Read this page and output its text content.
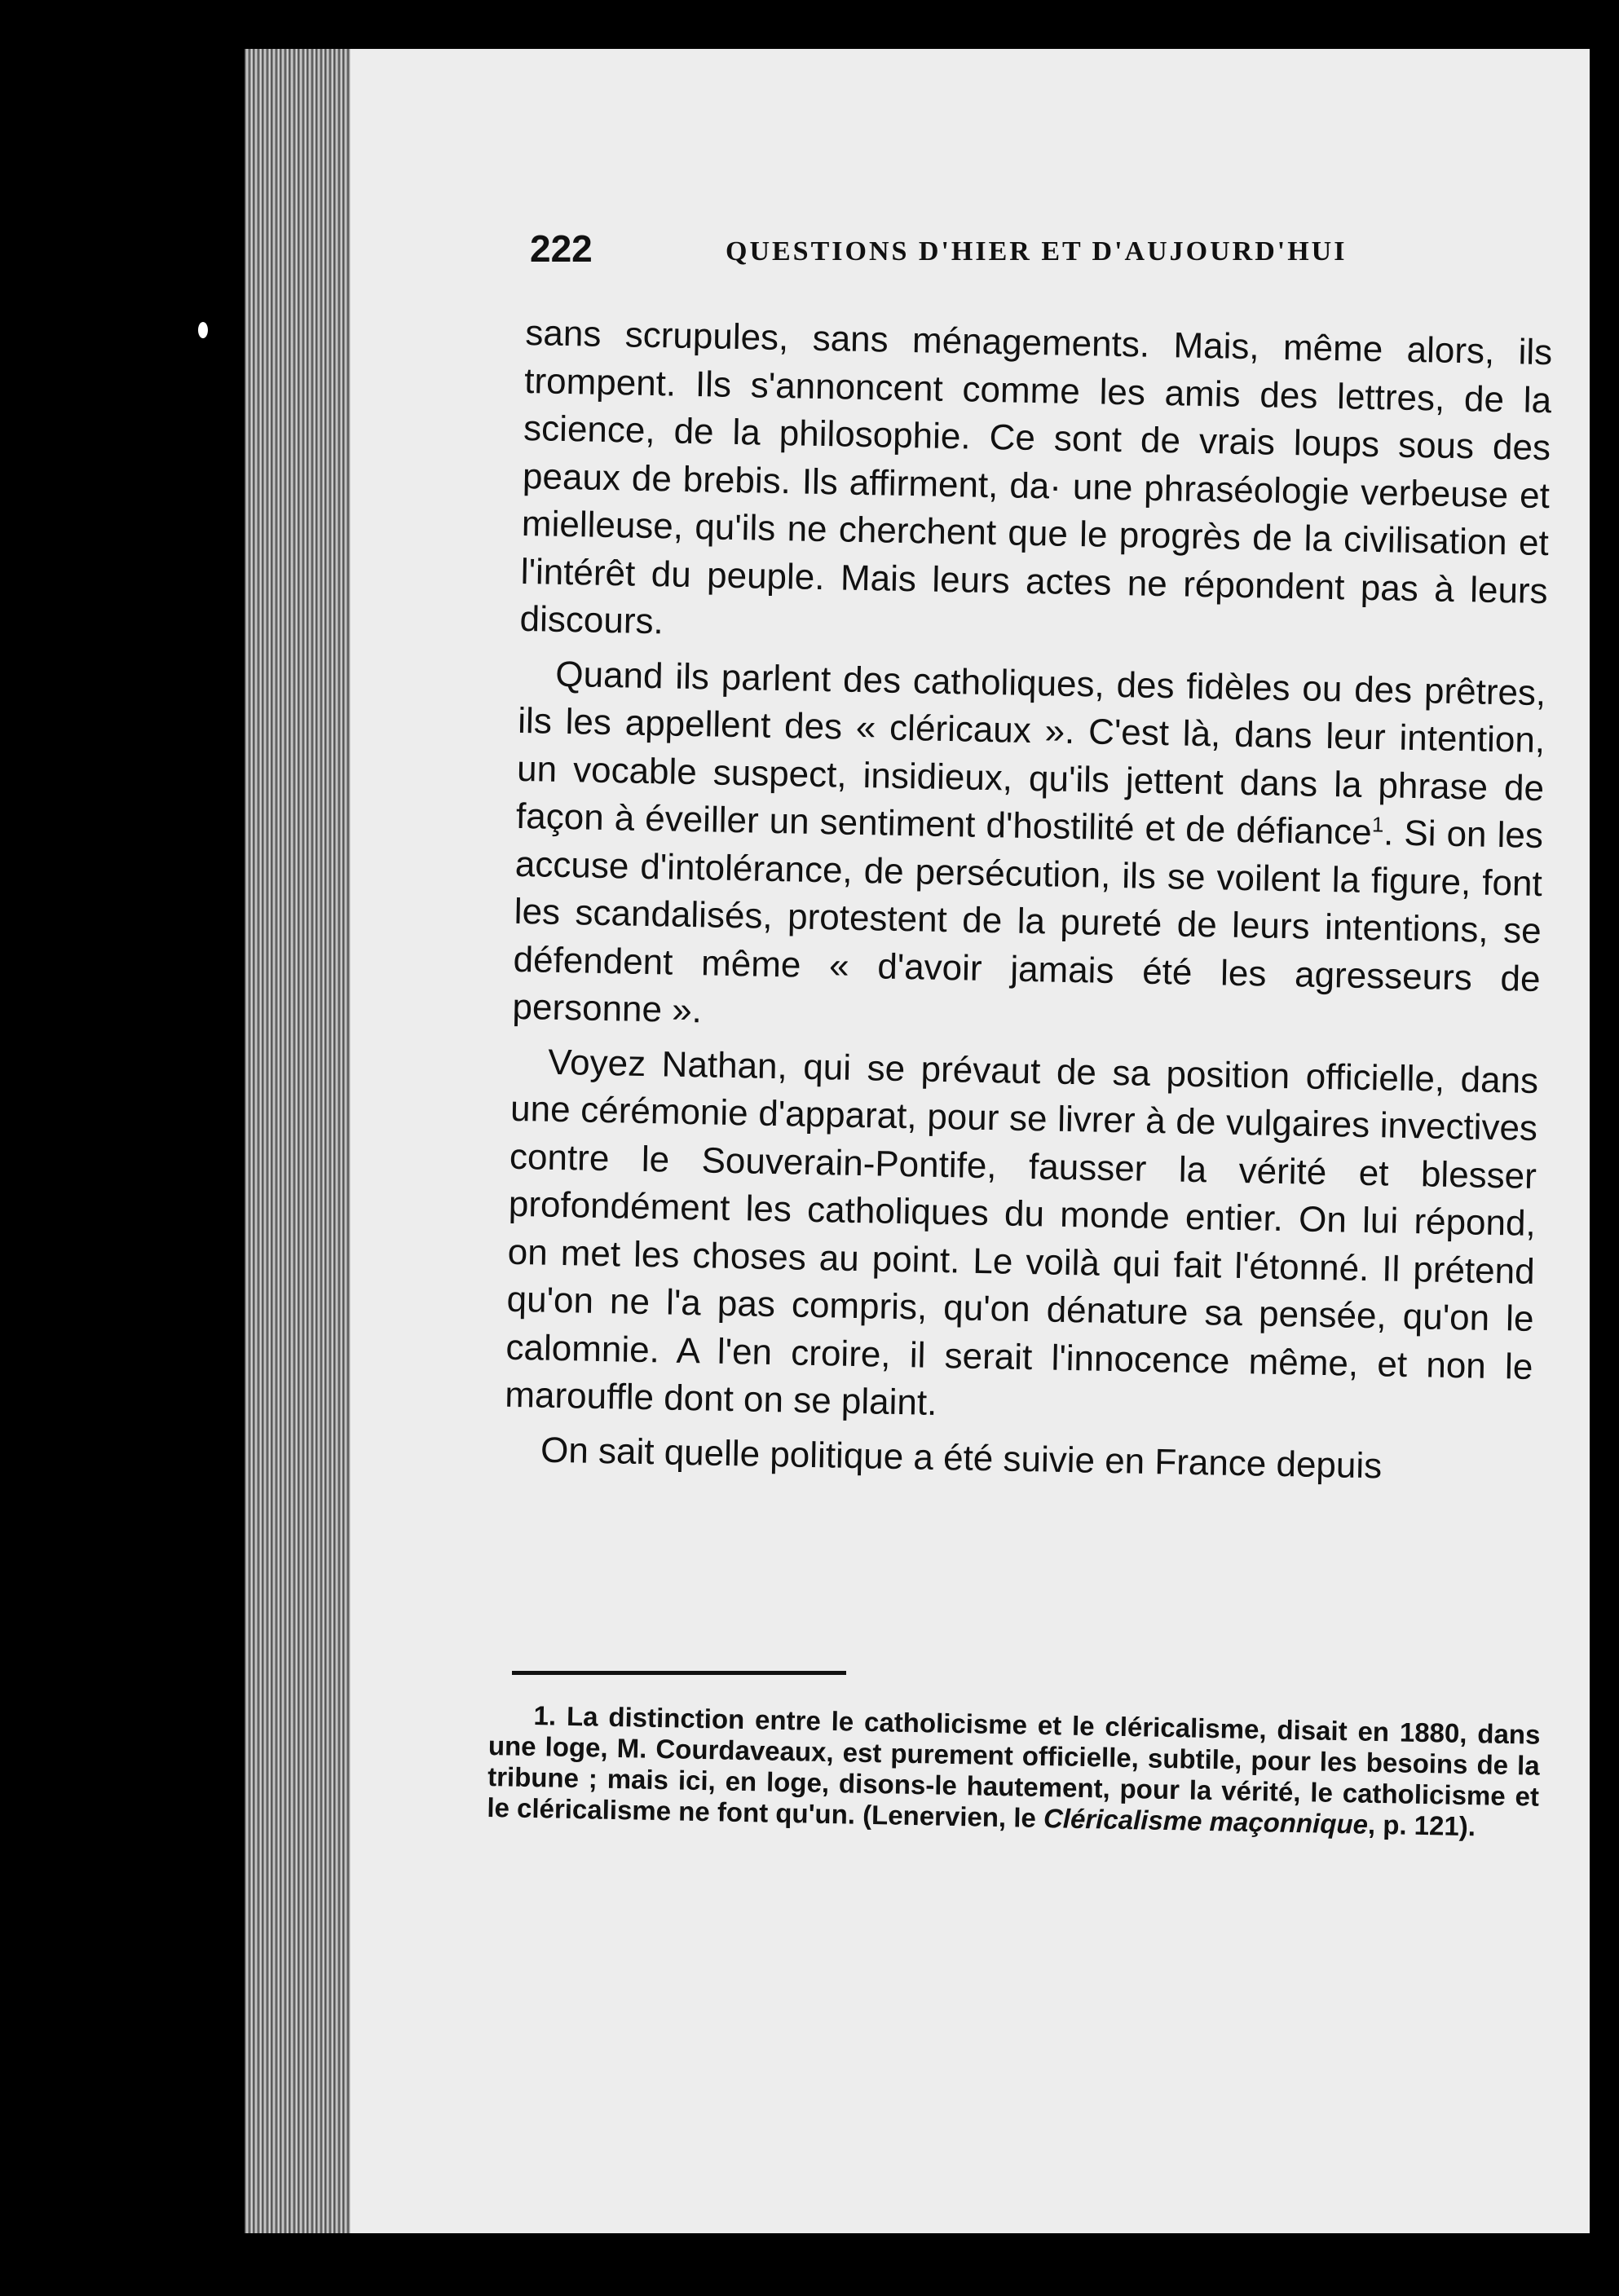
222	QUESTIONS D'HIER ET D'AUJOURD'HUI

sans scrupules, sans ménagements. Mais, même alors, ils trompent. Ils s'annoncent comme les amis des lettres, de la science, de la philosophie. Ce sont de vrais loups sous des peaux de brebis. Ils affirment, da· une phraséologie verbeuse et mielleuse, qu'ils ne cherchent que le progrès de la civilisation et l'intérêt du peuple. Mais leurs actes ne répondent pas à leurs discours.

Quand ils parlent des catholiques, des fidèles ou des prêtres, ils les appellent des « cléricaux ». C'est là, dans leur intention, un vocable suspect, insidieux, qu'ils jettent dans la phrase de façon à éveiller un sentiment d'hostilité et de défiance$^1$. Si on les accuse d'intolérance, de persécution, ils se voilent la figure, font les scandalisés, protestent de la pureté de leurs intentions, se défendent même « d'avoir jamais été les agresseurs de personne ».

Voyez Nathan, qui se prévaut de sa position officielle, dans une cérémonie d'apparat, pour se livrer à de vulgaires invectives contre le Souverain-Pontife, fausser la vérité et blesser profondément les catholiques du monde entier. On lui répond, on met les choses au point. Le voilà qui fait l'étonné. Il prétend qu'on ne l'a pas compris, qu'on dénature sa pensée, qu'on le calomnie. A l'en croire, il serait l'innocence même, et non le marouffle dont on se plaint.

On sait quelle politique a été suivie en France depuis

1. La distinction entre le catholicisme et le cléricalisme, disait en 1880, dans une loge, M. Courdaveaux, est purement officielle, subtile, pour les besoins de la tribune ; mais ici, en loge, disons-le hautement, pour la vérité, le catholicisme et le cléricalisme ne font qu'un. (Lenervien, le Cléricalisme maçonnique, p. 121).
